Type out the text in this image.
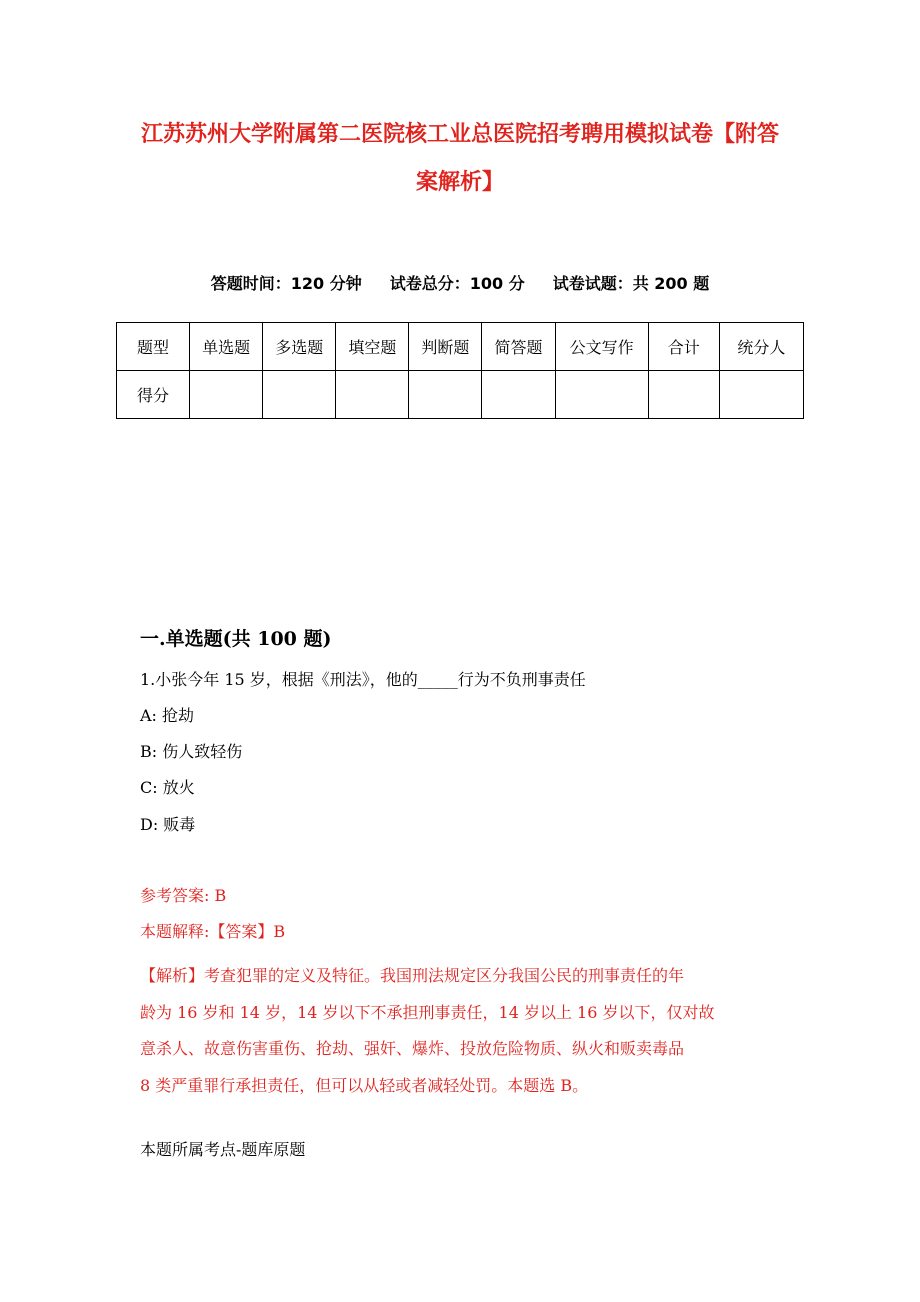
江苏苏州大学附属第二医院核工业总医院招考聘用模拟试卷【附答
案解析】
答题时间：120 分钟 试卷总分：100 分 试卷试题：共 200 题
题型	单选题	多选题	填空题	判断题	简答题	公文写作	合计	统分人
得分								
一.单选题(共 100 题)
1.小张今年 15 岁，根据《刑法》，他的_____行为不负刑事责任
A: 抢劫
B: 伤人致轻伤
C: 放火
D: 贩毒
参考答案: B
本题解释:【答案】B
【解析】考查犯罪的定义及特征。我国刑法规定区分我国公民的刑事责任的年
龄为 16 岁和 14 岁，14 岁以下不承担刑事责任，14 岁以上 16 岁以下，仅对故
意杀人、故意伤害重伤、抢劫、强奸、爆炸、投放危险物质、纵火和贩卖毒品
8 类严重罪行承担责任，但可以从轻或者减轻处罚。本题选 B。
本题所属考点-题库原题
